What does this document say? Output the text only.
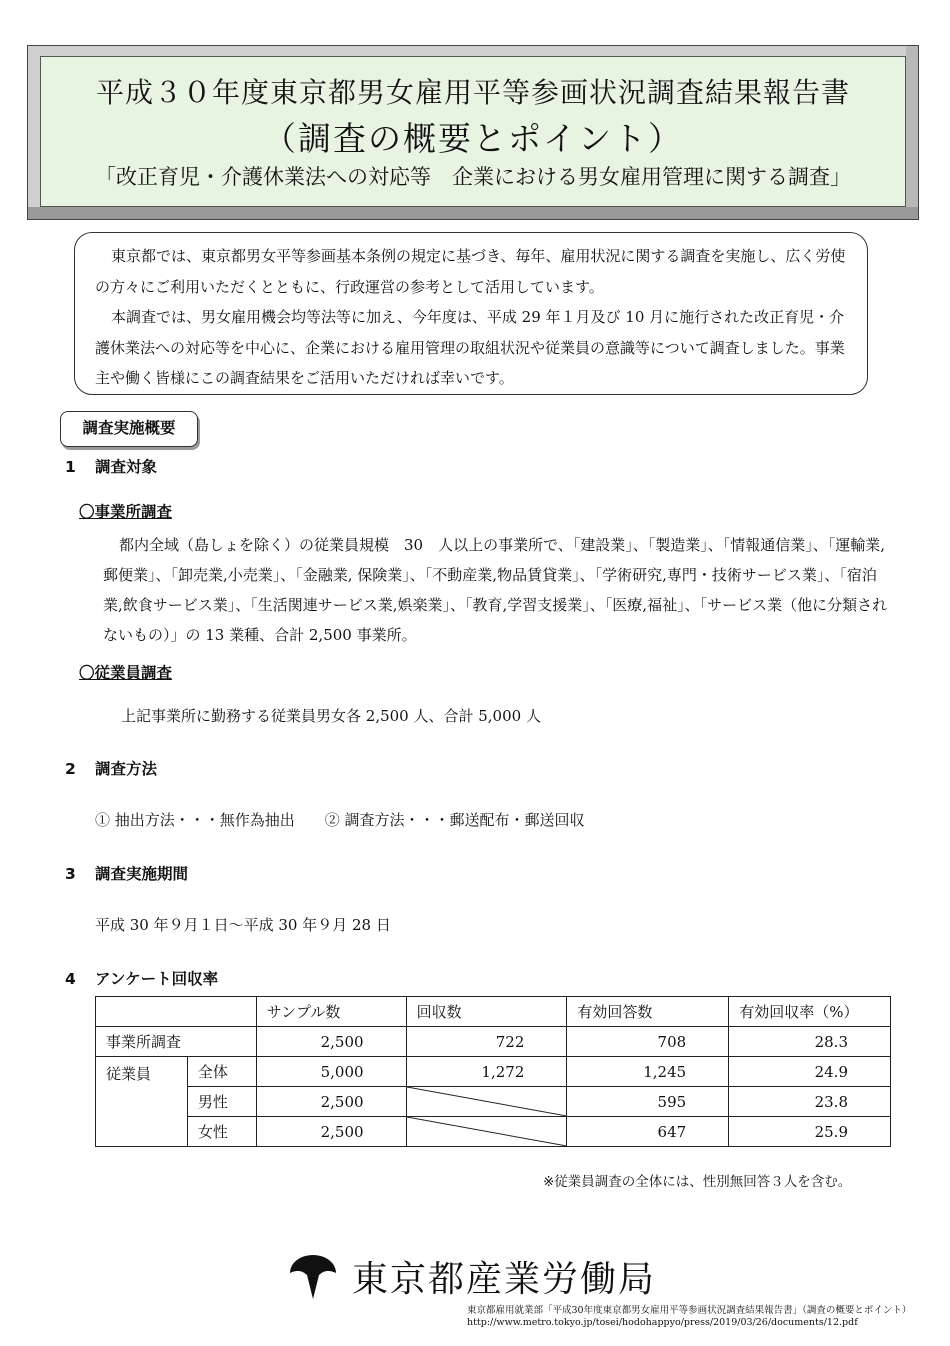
平成３０年度東京都男女雇用平等参画状況調査結果報告書
（調査の概要とポイント）
「改正育児・介護休業法への対応等　企業における男女雇用管理に関する調査」

東京都では、東京都男女平等参画基本条例の規定に基づき、毎年、雇用状況に関する調査を実施し、広く労使の方々にご利用いただくとともに、行政運営の参考として活用しています。

本調査では、男女雇用機会均等法等に加え、今年度は、平成 29 年１月及び 10 月に施行された改正育児・介護休業法への対応等を中心に、企業における雇用管理の取組状況や従業員の意識等について調査しました。事業主や働く皆様にこの調査結果をご活用いただければ幸いです。

調査実施概要
1 調査対象
〇事業所調査
都内全域（島しょを除く）の従業員規模　30　人以上の事業所で、「建設業」、「製造業」、「情報通信業」、「運輸業,郵便業」、「卸売業,小売業」、「金融業, 保険業」、「不動産業,物品賃貸業」、「学術研究,専門・技術サービス業」、「宿泊業,飲食サービス業」、「生活関連サービス業,娯楽業」、「教育,学習支援業」、「医療,福祉」、「サービス業（他に分類されないもの）」の 13 業種、合計 2,500 事業所。
〇従業員調査
上記事業所に勤務する従業員男女各 2,500 人、合計 5,000 人
2 調査方法
① 抽出方法・・・無作為抽出　　② 調査方法・・・郵送配布・郵送回収
3 調査実施期間
平成 30 年９月１日～平成 30 年９月 28 日
4 アンケート回収率
		サンプル数	回収数	有効回答数	有効回収率（%）
事業所調査		2,500	722	708	28.3
従業員	全体	5,000	1,272	1,245	24.9
	男性	2,500		595	23.8
	女性	2,500		647	25.9
※従業員調査の全体には、性別無回答３人を含む。
東京都産業労働局
東京都雇用就業部「平成30年度東京都男女雇用平等参画状況調査結果報告書」（調査の概要とポイント）
http://www.metro.tokyo.jp/tosei/hodohappyo/press/2019/03/26/documents/12.pdf
